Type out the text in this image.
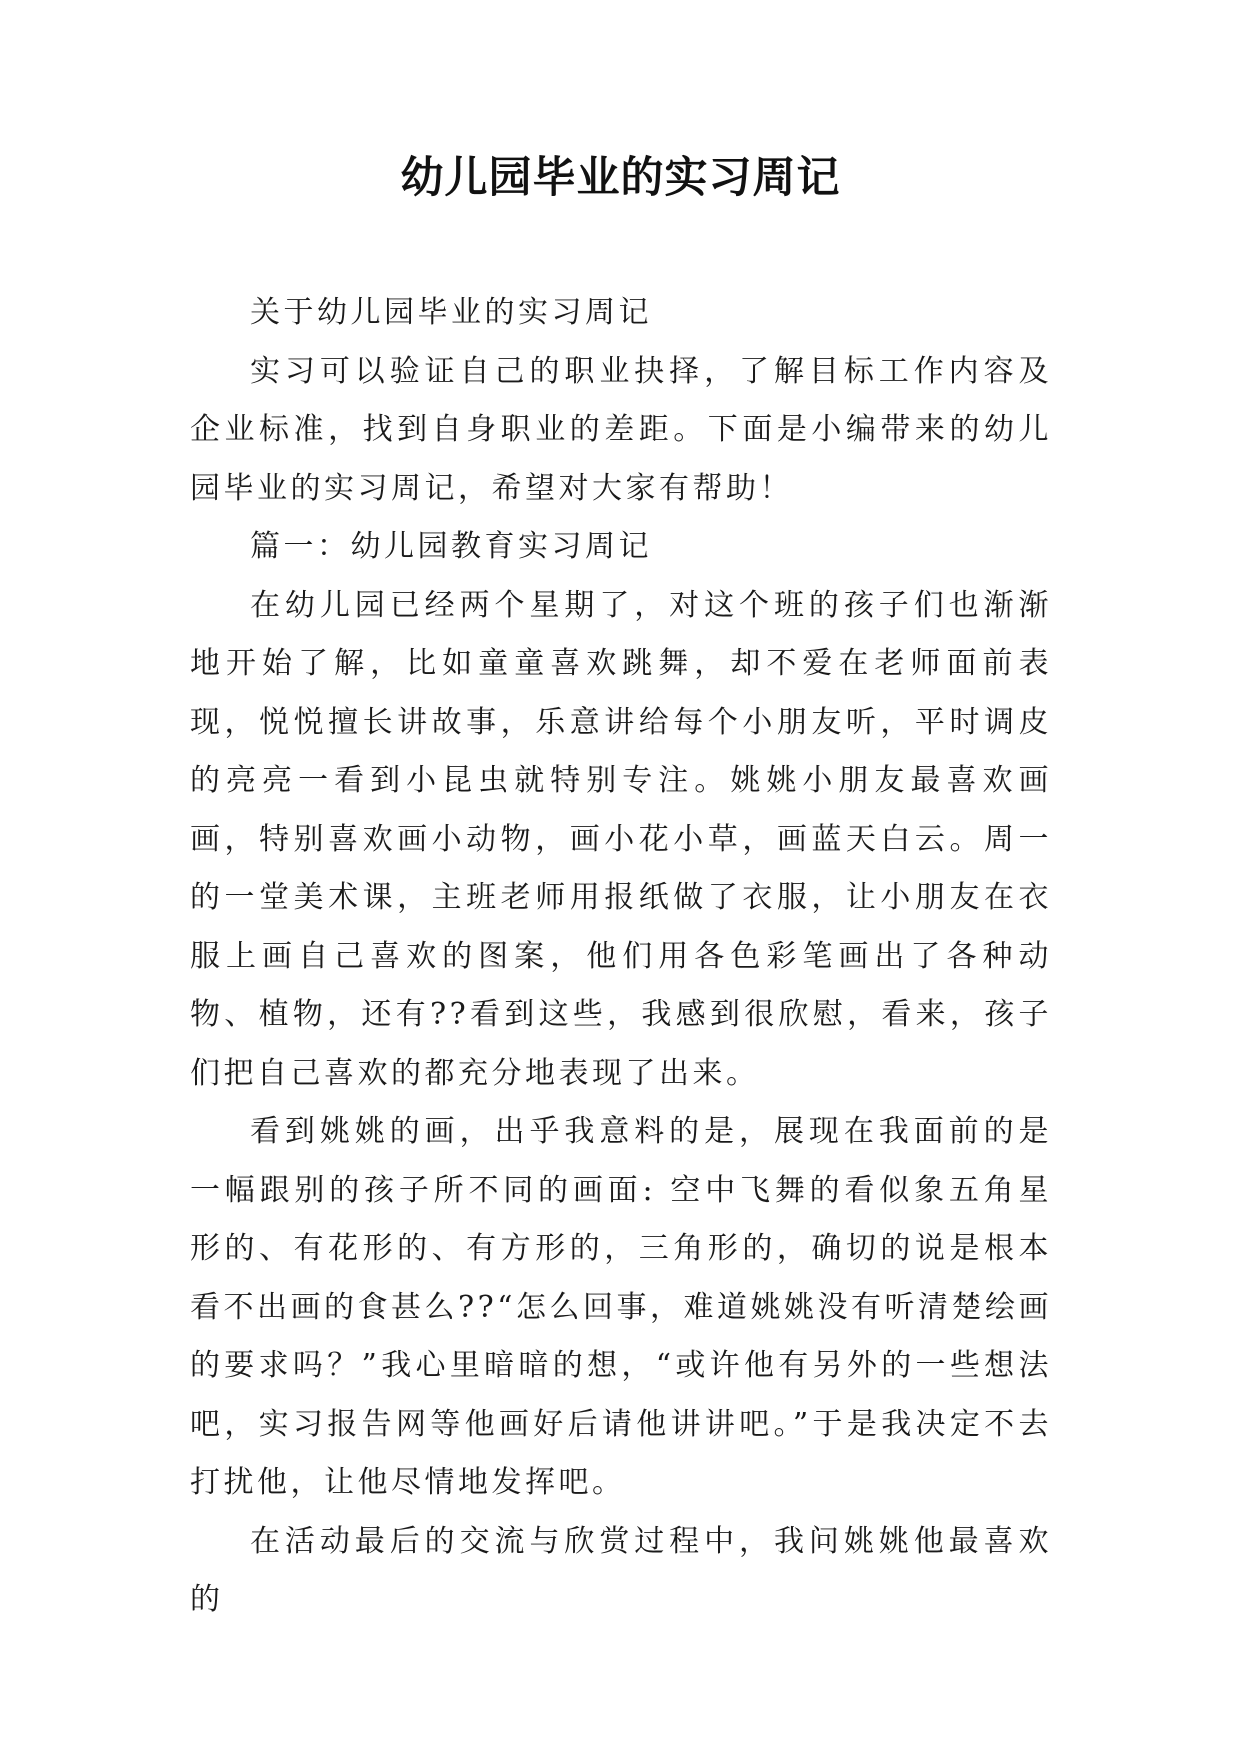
幼儿园毕业的实习周记

关于幼儿园毕业的实习周记

实习可以验证自己的职业抉择，了解目标工作内容及企业标准，找到自身职业的差距。下面是小编带来的幼儿园毕业的实习周记，希望对大家有帮助！

篇一：幼儿园教育实习周记

在幼儿园已经两个星期了，对这个班的孩子们也渐渐地开始了解，比如童童喜欢跳舞，却不爱在老师面前表现，悦悦擅长讲故事，乐意讲给每个小朋友听，平时调皮的亮亮一看到小昆虫就特别专注。姚姚小朋友最喜欢画画，特别喜欢画小动物，画小花小草，画蓝天白云。周一的一堂美术课，主班老师用报纸做了衣服，让小朋友在衣服上画自己喜欢的图案，他们用各色彩笔画出了各种动物、植物，还有??看到这些，我感到很欣慰，看来，孩子们把自己喜欢的都充分地表现了出来。

看到姚姚的画，出乎我意料的是，展现在我面前的是一幅跟别的孩子所不同的画面: 空中飞舞的看似象五角星形的、有花形的、有方形的，三角形的，确切的说是根本看不出画的食甚么??“怎么回事，难道姚姚没有听清楚绘画的要求吗？”我心里暗暗的想，“或许他有另外的一些想法吧，实习报告网等他画好后请他讲讲吧。”于是我决定不去打扰他，让他尽情地发挥吧。

在活动最后的交流与欣赏过程中，我问姚姚他最喜欢的
